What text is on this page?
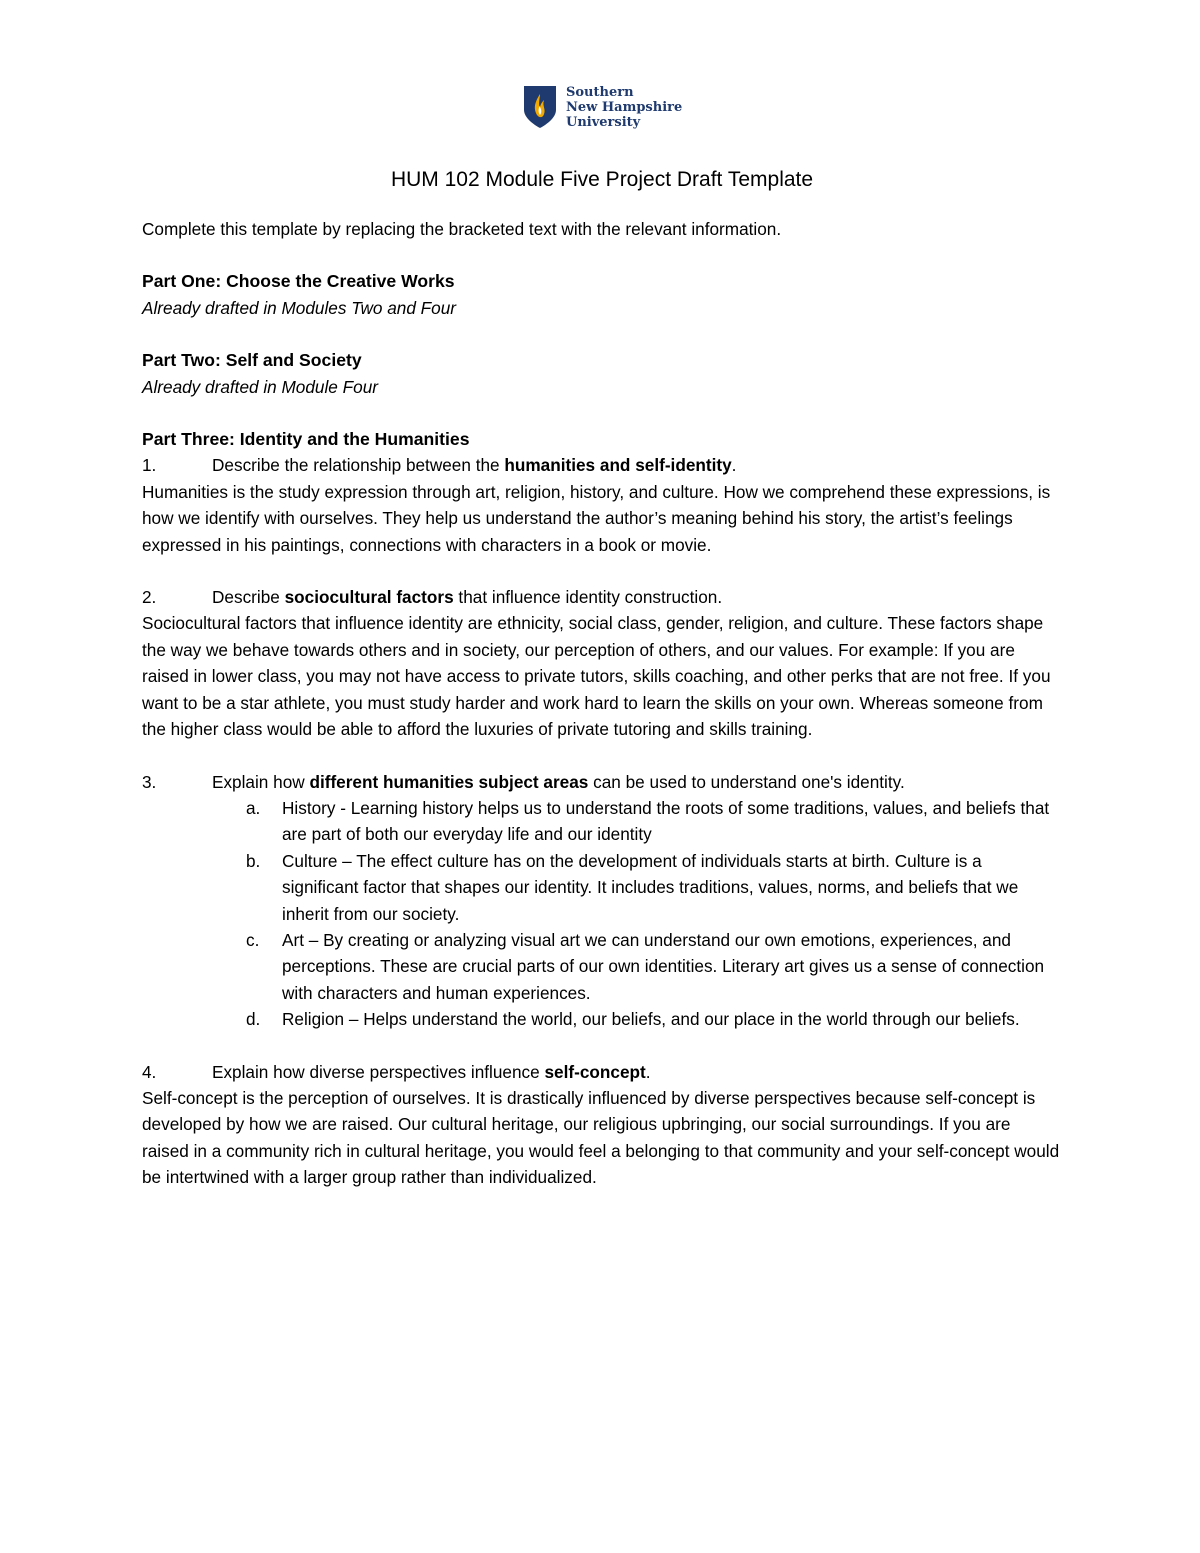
Southern
New Hampshire
University
HUM 102 Module Five Project Draft Template

Complete this template by replacing the bracketed text with the relevant information.

Part One: Choose the Creative Works

Already drafted in Modules Two and Four

Part Two: Self and Society

Already drafted in Module Four

Part Three: Identity and the Humanities

1.	Describe the relationship between the humanities and self-identity.

Humanities is the study expression through art, religion, history, and culture. How we comprehend these expressions, is how we identify with ourselves. They help us understand the author’s meaning behind his story, the artist’s feelings expressed in his paintings, connections with characters in a book or movie.

2.	Describe sociocultural factors that influence identity construction.

Sociocultural factors that influence identity are ethnicity, social class, gender, religion, and culture. These factors shape the way we behave towards others and in society, our perception of others, and our values. For example: If you are raised in lower class, you may not have access to private tutors, skills coaching, and other perks that are not free. If you want to be a star athlete, you must study harder and work hard to learn the skills on your own. Whereas someone from the higher class would be able to afford the luxuries of private tutoring and skills training.

3.	Explain how different humanities subject areas can be used to understand one's identity.
a.	History - Learning history helps us to understand the roots of some traditions, values, and beliefs that are part of both our everyday life and our identity
b.	Culture – The effect culture has on the development of individuals starts at birth. Culture is a significant factor that shapes our identity. It includes traditions, values, norms, and beliefs that we inherit from our society.
c.	Art – By creating or analyzing visual art we can understand our own emotions, experiences, and perceptions. These are crucial parts of our own identities. Literary art gives us a sense of connection with characters and human experiences.
d.	Religion – Helps understand the world, our beliefs, and our place in the world through our beliefs.
4.	Explain how diverse perspectives influence self-concept.

Self-concept is the perception of ourselves. It is drastically influenced by diverse perspectives because self-concept is developed by how we are raised. Our cultural heritage, our religious upbringing, our social surroundings. If you are raised in a community rich in cultural heritage, you would feel a belonging to that community and your self-concept would be intertwined with a larger group rather than individualized.
